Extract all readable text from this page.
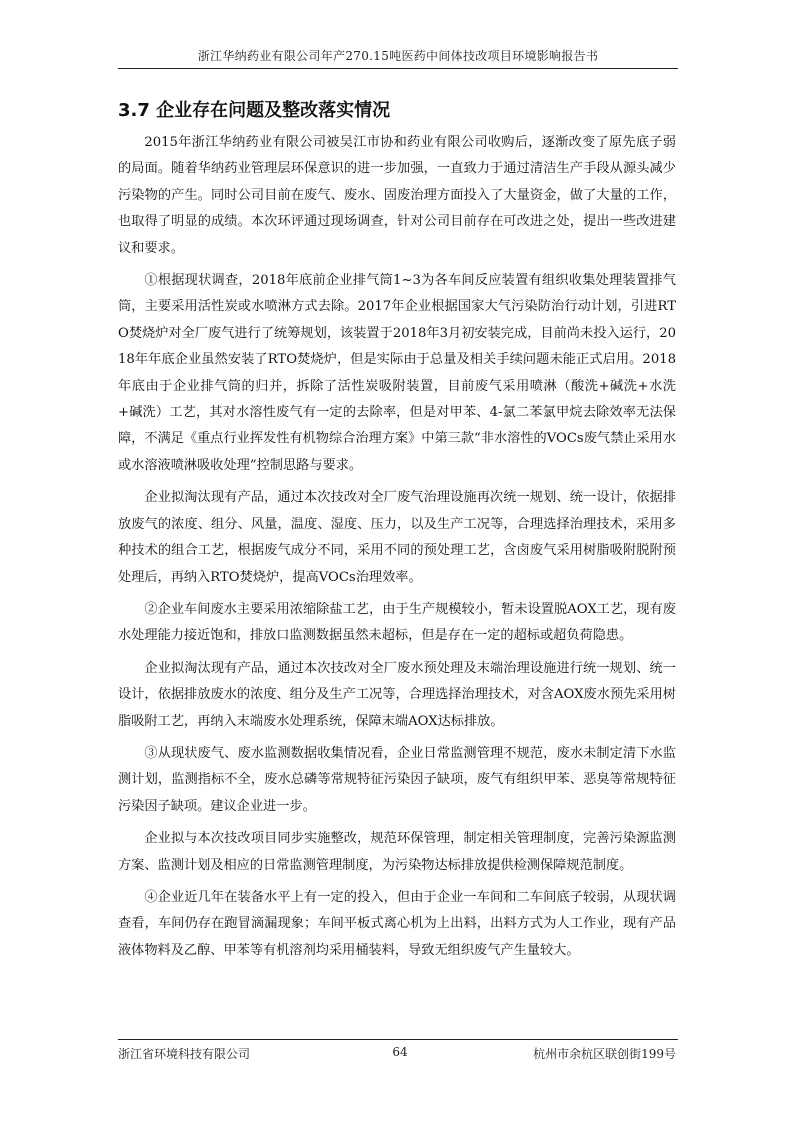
浙江华纳药业有限公司年产270.15吨医药中间体技改项目环境影响报告书
3.7 企业存在问题及整改落实情况

2015年浙江华纳药业有限公司被吴江市协和药业有限公司收购后，逐渐改变了原先底子弱的局面。随着华纳药业管理层环保意识的进一步加强，一直致力于通过清洁生产手段从源头减少污染物的产生。同时公司目前在废气、废水、固废治理方面投入了大量资金，做了大量的工作，也取得了明显的成绩。本次环评通过现场调查，针对公司目前存在可改进之处，提出一些改进建议和要求。

①根据现状调查，2018年底前企业排气筒1~3为各车间反应装置有组织收集处理装置排气筒，主要采用活性炭或水喷淋方式去除。2017年企业根据国家大气污染防治行动计划，引进RTO焚烧炉对全厂废气进行了统筹规划，该装置于2018年3月初安装完成，目前尚未投入运行，2018年年底企业虽然安装了RTO焚烧炉，但是实际由于总量及相关手续问题未能正式启用。2018年底由于企业排气筒的归并，拆除了活性炭吸附装置，目前废气采用喷淋（酸洗+碱洗+水洗+碱洗）工艺，其对水溶性废气有一定的去除率，但是对甲苯、4-氯二苯氯甲烷去除效率无法保障，不满足《重点行业挥发性有机物综合治理方案》中第三款“非水溶性的VOCs废气禁止采用水或水溶液喷淋吸收处理”控制思路与要求。

企业拟淘汰现有产品，通过本次技改对全厂废气治理设施再次统一规划、统一设计，依据排放废气的浓度、组分、风量，温度、湿度、压力，以及生产工况等，合理选择治理技术，采用多种技术的组合工艺，根据废气成分不同，采用不同的预处理工艺，含卤废气采用树脂吸附脱附预处理后，再纳入RTO焚烧炉，提高VOCs治理效率。

②企业车间废水主要采用浓缩除盐工艺，由于生产规模较小，暂未设置脱AOX工艺，现有废水处理能力接近饱和，排放口监测数据虽然未超标，但是存在一定的超标或超负荷隐患。

企业拟淘汰现有产品，通过本次技改对全厂废水预处理及末端治理设施进行统一规划、统一设计，依据排放废水的浓度、组分及生产工况等，合理选择治理技术，对含AOX废水预先采用树脂吸附工艺，再纳入末端废水处理系统，保障末端AOX达标排放。

③从现状废气、废水监测数据收集情况看，企业日常监测管理不规范，废水未制定清下水监测计划，监测指标不全，废水总磷等常规特征污染因子缺项，废气有组织甲苯、恶臭等常规特征污染因子缺项。建议企业进一步。

企业拟与本次技改项目同步实施整改，规范环保管理，制定相关管理制度，完善污染源监测方案、监测计划及相应的日常监测管理制度，为污染物达标排放提供检测保障规范制度。

④企业近几年在装备水平上有一定的投入，但由于企业一车间和二车间底子较弱，从现状调查看，车间仍存在跑冒滴漏现象；车间平板式离心机为上出料，出料方式为人工作业，现有产品液体物料及乙醇、甲苯等有机溶剂均采用桶装料，导致无组织废气产生量较大。

浙江省环境科技有限公司	64	杭州市余杭区联创街199号
